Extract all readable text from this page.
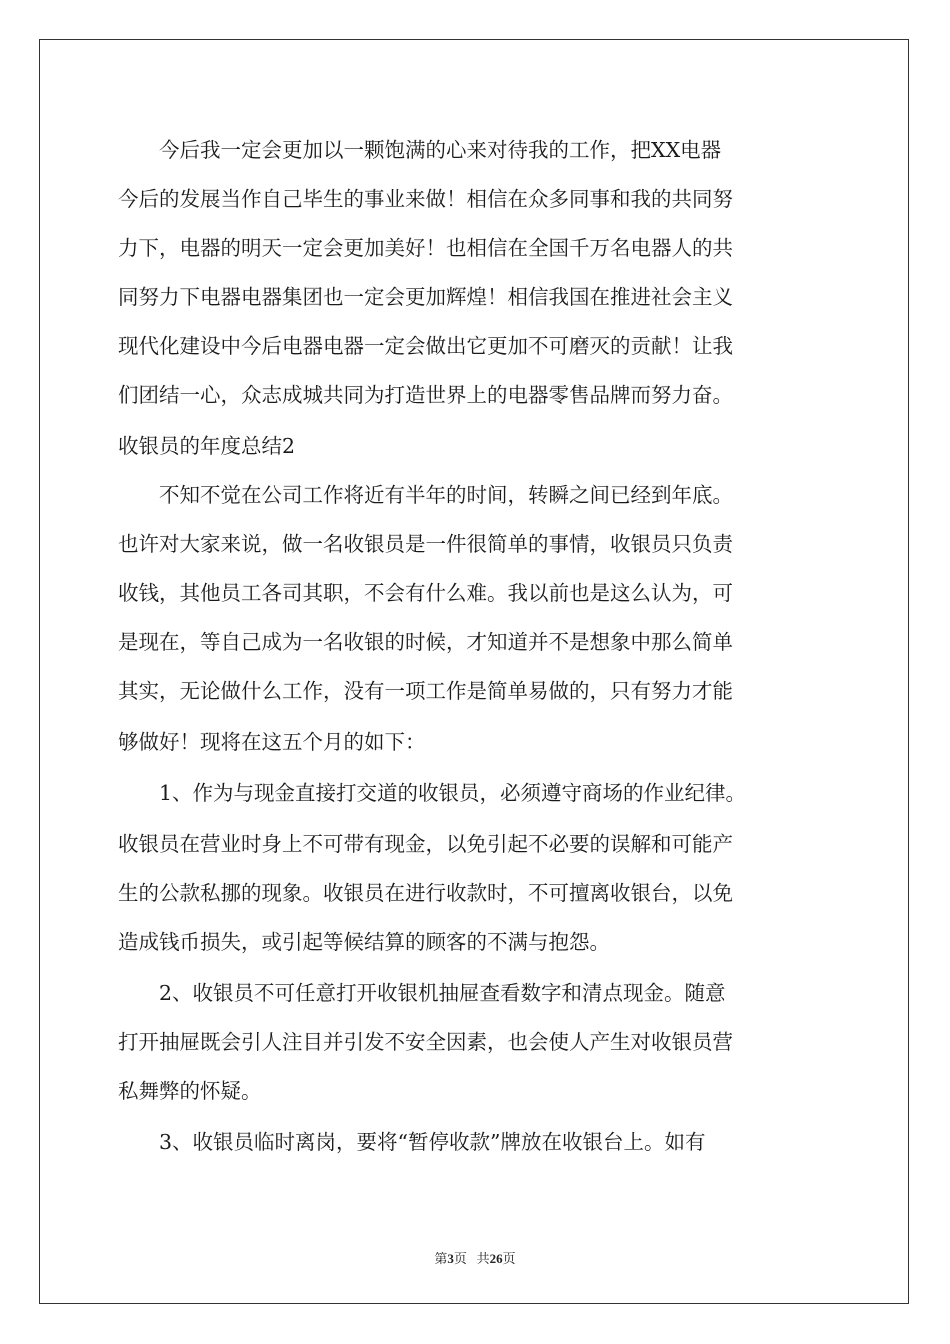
　　今后我一定会更加以一颗饱满的心来对待我的工作，把XX电器

今后的发展当作自己毕生的事业来做！相信在众多同事和我的共同努

力下，电器的明天一定会更加美好！也相信在全国千万名电器人的共

同努力下电器电器集团也一定会更加辉煌！相信我国在推进社会主义

现代化建设中今后电器电器一定会做出它更加不可磨灭的贡献！让我

们团结一心，众志成城共同为打造世界上的电器零售品牌而努力奋。

收银员的年度总结2

　　不知不觉在公司工作将近有半年的时间，转瞬之间已经到年底。

也许对大家来说，做一名收银员是一件很简单的事情，收银员只负责

收钱，其他员工各司其职，不会有什么难。我以前也是这么认为，可

是现在，等自己成为一名收银的时候，才知道并不是想象中那么简单

其实，无论做什么工作，没有一项工作是简单易做的，只有努力才能

够做好！现将在这五个月的如下：

　　1、作为与现金直接打交道的收银员，必须遵守商场的作业纪律。

收银员在营业时身上不可带有现金，以免引起不必要的误解和可能产

生的公款私挪的现象。收银员在进行收款时，不可擅离收银台，以免

造成钱币损失，或引起等候结算的顾客的不满与抱怨。

　　2、收银员不可任意打开收银机抽屉查看数字和清点现金。随意

打开抽屉既会引人注目并引发不安全因素，也会使人产生对收银员营

私舞弊的怀疑。

　　3、收银员临时离岗，要将“暂停收款”牌放在收银台上。如有

第3页 共26页
